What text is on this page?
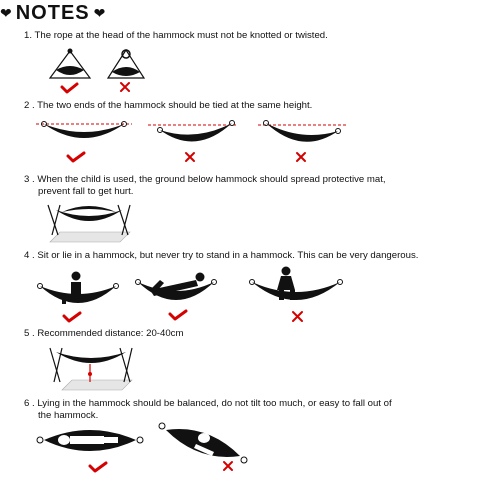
❤ NOTES ❤
1. The rope at the head of the hammock must not be knotted or twisted.
2 . The two ends of the hammock should be tied at the same height.
3 . When the child is used, the ground below hammock should spread protective mat,
prevent fall to get hurt.
4 . Sit or lie in a hammock, but never try to stand in a hammock. This can be very dangerous.
5 . Recommended distance: 20-40cm
6 . Lying in the hammock should be balanced, do not tilt too much, or easy to fall out of
the hammock.
